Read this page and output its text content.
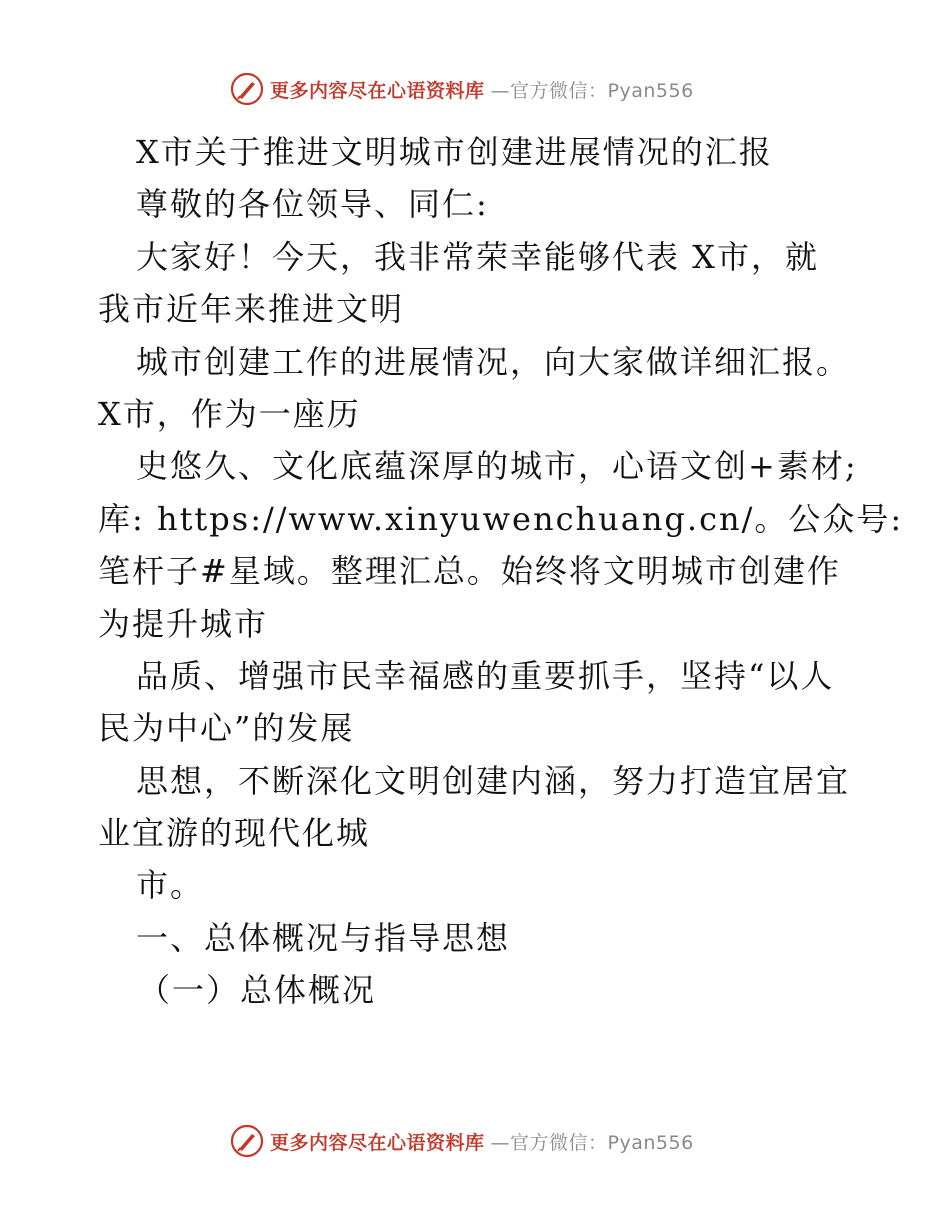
更多内容尽在心语资料库 —官方微信：Pyan556
X市关于推进文明城市创建进展情况的汇报
尊敬的各位领导、同仁:
大家好！今天，我非常荣幸能够代表 X市，就
我市近年来推进文明
城市创建工作的进展情况，向大家做详细汇报。
X市，作为一座历
史悠久、文化底蕴深厚的城市，心语文创+素材;
库: https://www.xinyuwenchuang.cn/。公众号:
笔杆子#星域。整理汇总。始终将文明城市创建作
为提升城市
品质、增强市民幸福感的重要抓手，坚持“以人
民为中心”的发展
思想，不断深化文明创建内涵，努力打造宜居宜
业宜游的现代化城
市。
一、总体概况与指导思想
（一）总体概况
更多内容尽在心语资料库 —官方微信：Pyan556
